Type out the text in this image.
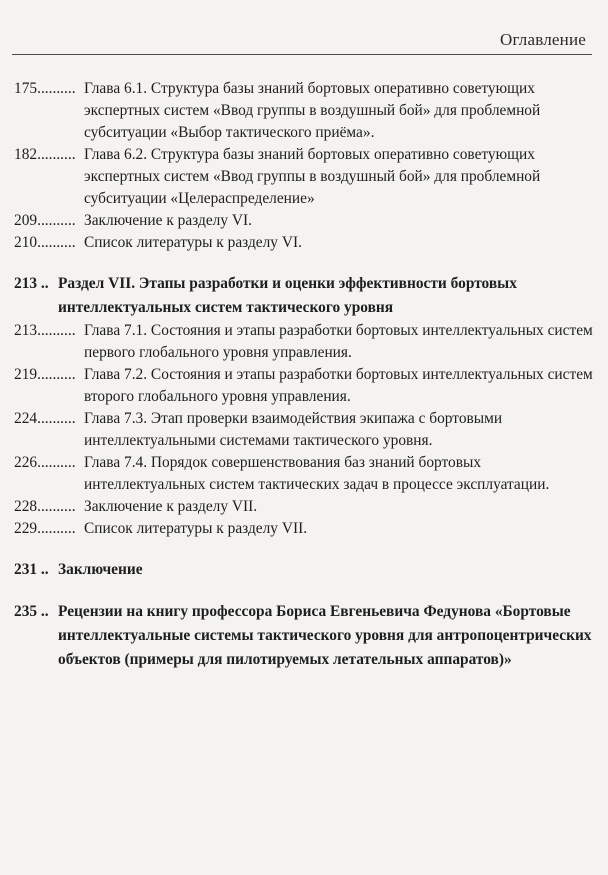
Оглавление
175.......... Глава 6.1. Структура базы знаний бортовых оперативно советующих экспертных систем «Ввод группы в воздушный бой» для проблемной субситуации «Выбор тактического приёма».
182.......... Глава 6.2. Структура базы знаний бортовых оперативно советующих экспертных систем «Ввод группы в воздушный бой» для проблемной субситуации «Целераспределение»
209.......... Заключение к разделу VI.
210.......... Список литературы к разделу VI.
213 .. Раздел VII. Этапы разработки и оценки эффективности бортовых интеллектуальных систем тактического уровня
213.......... Глава 7.1. Состояния и этапы разработки бортовых интеллектуальных систем первого глобального уровня управления.
219.......... Глава 7.2. Состояния и этапы разработки бортовых интеллектуальных систем второго глобального уровня управления.
224.......... Глава 7.3. Этап проверки взаимодействия экипажа с бортовыми интеллектуальными системами тактического уровня.
226.......... Глава 7.4. Порядок совершенствования баз знаний бортовых интеллектуальных систем тактических задач в процессе эксплуатации.
228.......... Заключение к разделу VII.
229.......... Список литературы к разделу VII.
231 .. Заключение
235 .. Рецензии на книгу профессора Бориса Евгеньевича Федунова «Бортовые интеллектуальные системы тактического уровня для антропоцентрических объектов (примеры для пилотируемых летательных аппаратов)»
